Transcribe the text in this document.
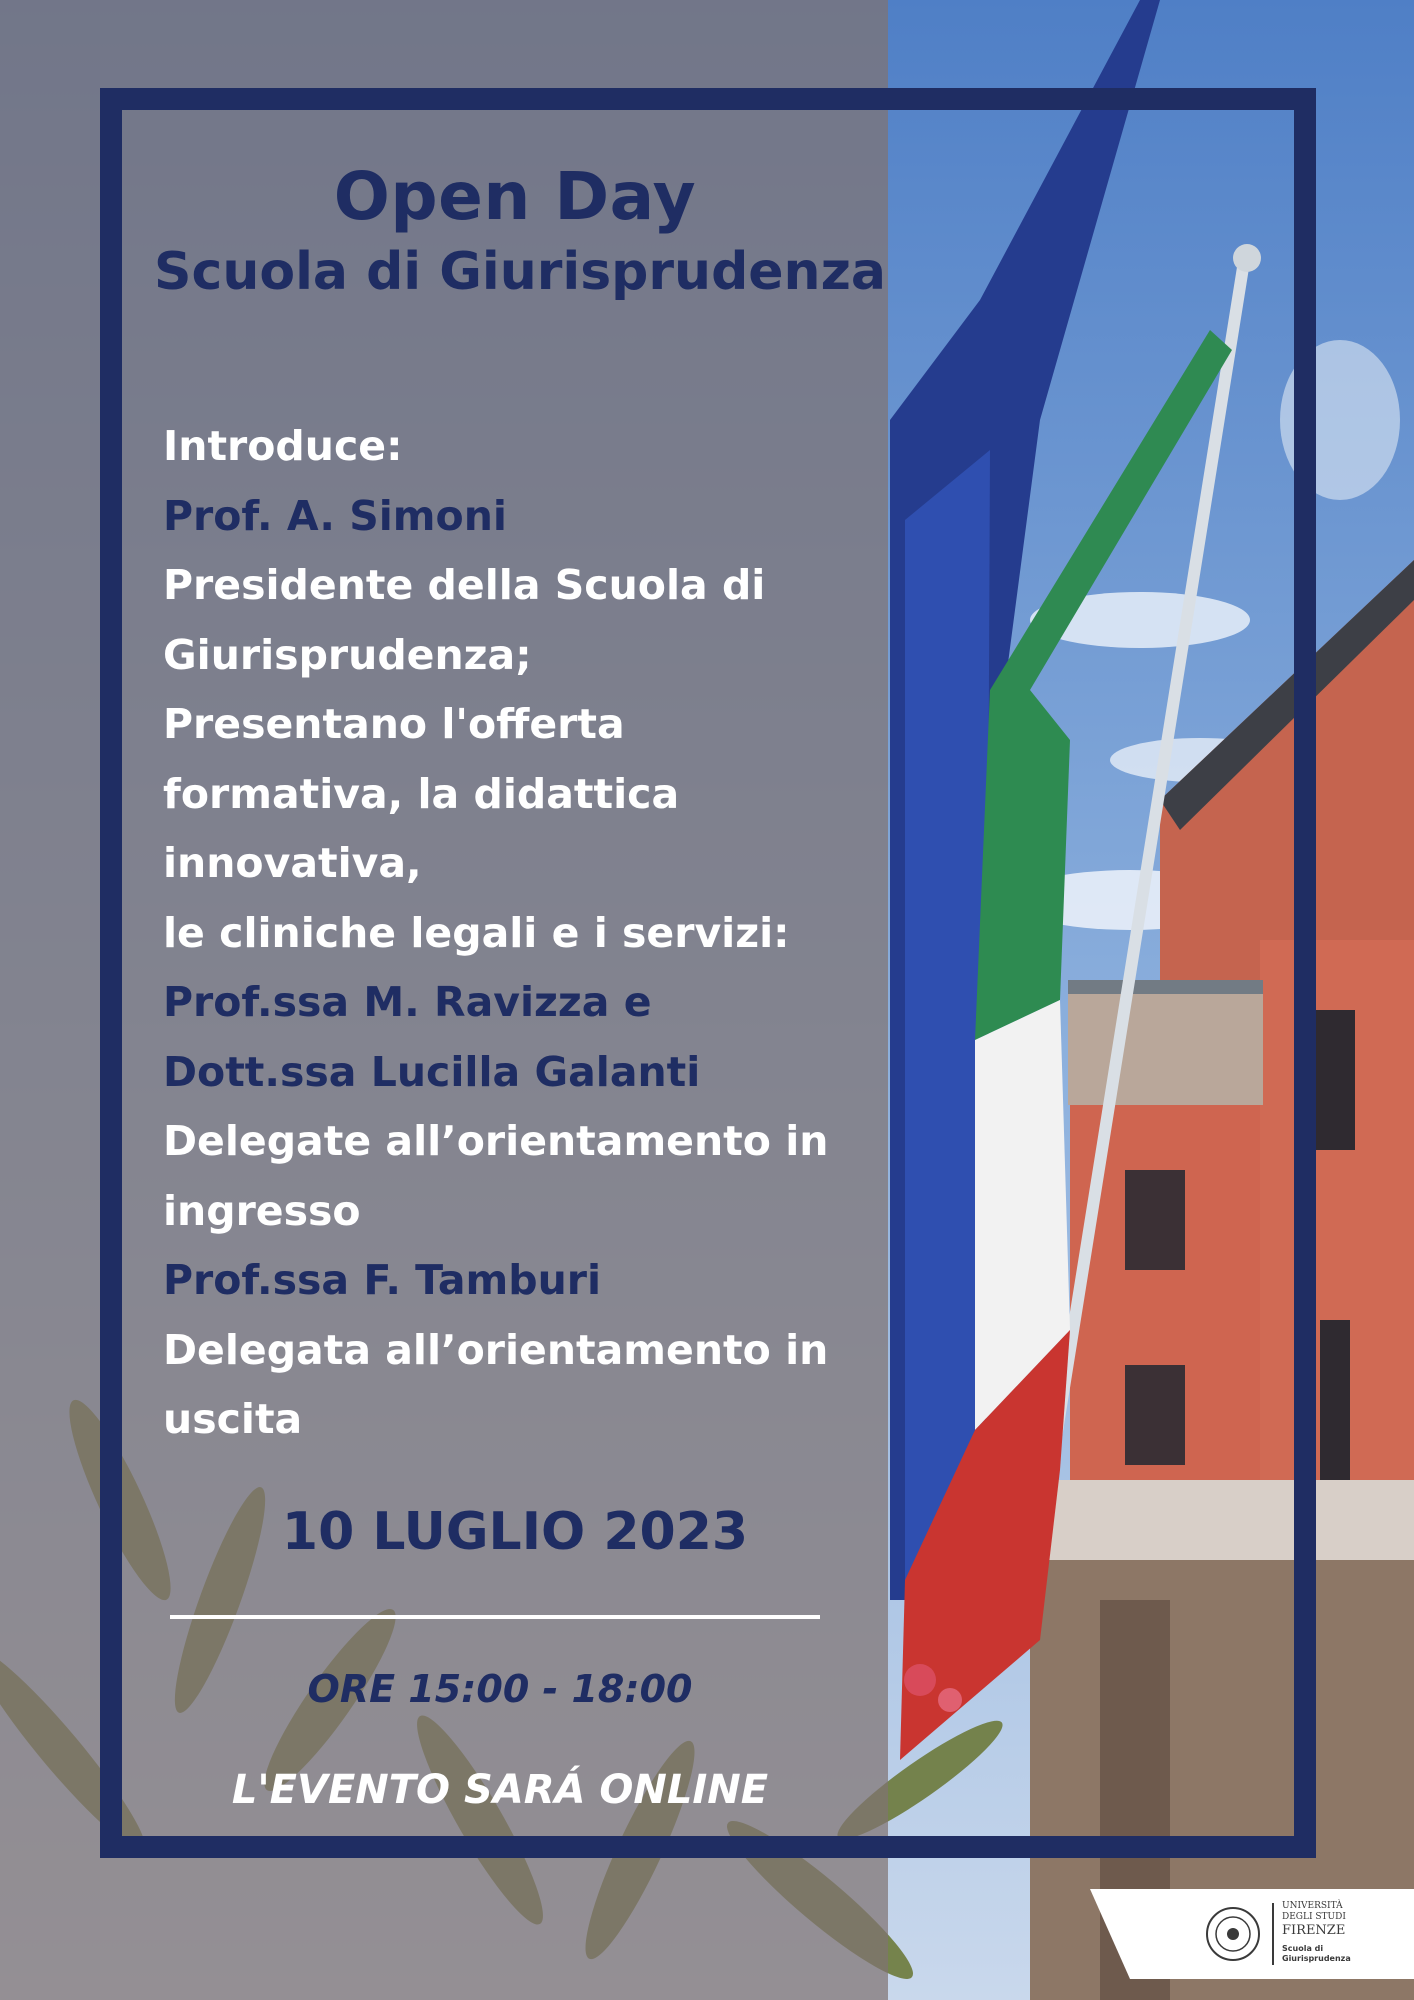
Open Day
Scuola di Giurisprudenza
Introduce:
Prof. A. Simoni
Presidente della Scuola di
Giurisprudenza;
Presentano l'offerta
formativa, la didattica
innovativa,
le cliniche legali e i servizi:
Prof.ssa M. Ravizza e
Dott.ssa Lucilla Galanti
Delegate all’orientamento in
ingresso
Prof.ssa F. Tamburi
Delegata all’orientamento in
uscita
10 LUGLIO 2023
ORE 15:00 - 18:00
L'EVENTO SARÁ ONLINE
UNIVERSITÀ
DEGLI STUDI
FIRENZE
Scuola di
Giurisprudenza
